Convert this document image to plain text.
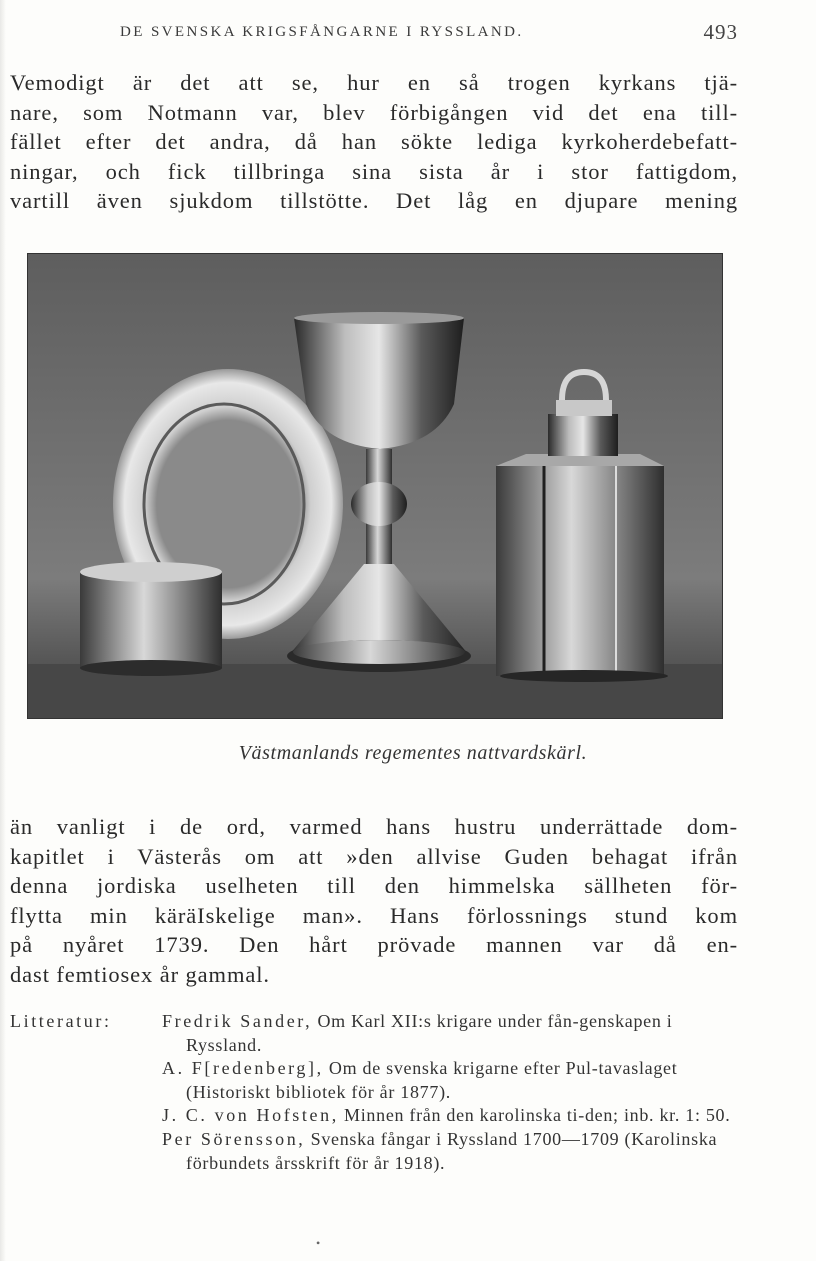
DE SVENSKA KRIGSFÅNGARNE I RYSSLAND.	493
Vemodigt är det att se, hur en så trogen kyrkans tjä-
nare, som Notmann var, blev förbigången vid det ena till-
fället efter det andra, då han sökte lediga kyrkoherdebefatt-
ningar, och fick tillbringa sina sista år i stor fattigdom,
vartill även sjukdom tillstötte. Det låg en djupare mening
Västmanlands regementes nattvardskärl.
än vanligt i de ord, varmed hans hustru underrättade dom-
kapitlet i Västerås om att »den allvise Guden behagat ifrån
denna jordiska uselheten till den himmelska sällheten för-
flytta min käräIskelige man». Hans förlossnings stund kom
på nyåret 1739. Den hårt prövade mannen var då en-
dast femtiosex år gammal.
Litteratur:	Fredrik Sander, Om Karl XII:s krigare under fån-genskapen i Ryssland.
A. F[redenberg], Om de svenska krigarne efter Pul-tavaslaget (Historiskt bibliotek för år 1877).
J. C. von Hofsten, Minnen från den karolinska ti-den; inb. kr. 1: 50.
Per Sörensson, Svenska fångar i Ryssland 1700—1709 (Karolinska förbundets årsskrift för år 1918).
•
